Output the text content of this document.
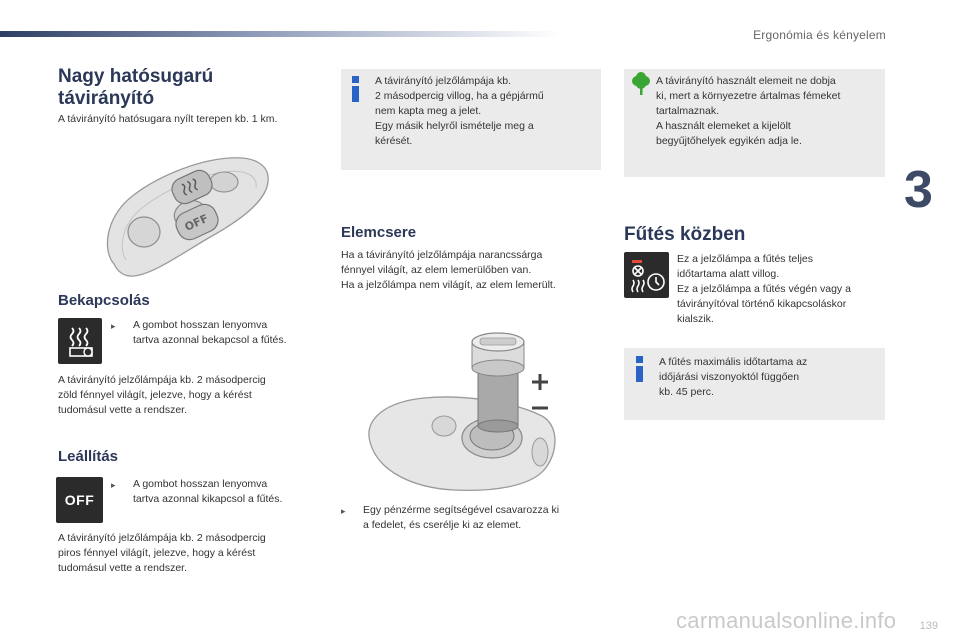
Ergonómia és kényelem
3
Nagy hatósugarú
távirányító
A távirányító hatósugara nyílt terepen kb. 1 km.
OFF
Bekapcsolás
▸ A gombot hosszan lenyomva
tartva azonnal bekapcsol a fűtés.
A távirányító jelzőlámpája kb. 2 másodpercig
zöld fénnyel világít, jelezve, hogy a kérést
tudomásul vette a rendszer.
Leállítás
OFF
▸ A gombot hosszan lenyomva
tartva azonnal kikapcsol a fűtés.
A távirányító jelzőlámpája kb. 2 másodpercig
piros fénnyel világít, jelezve, hogy a kérést
tudomásul vette a rendszer.
A távirányító jelzőlámpája kb.
2 másodpercig villog, ha a gépjármű
nem kapta meg a jelet.
Egy másik helyről ismételje meg a
kérését.
Elemcsere
Ha a távirányító jelzőlámpája narancssárga
fénnyel világít, az elem lemerülőben van.
Ha a jelzőlámpa nem világít, az elem lemerült.
▸ Egy pénzérme segítségével csavarozza ki
a fedelet, és cserélje ki az elemet.
A távirányító használt elemeit ne dobja
ki, mert a környezetre ártalmas fémeket
tartalmaznak.
A használt elemeket a kijelölt
begyűjtőhelyek egyikén adja le.
Fűtés közben
Ez a jelzőlámpa a fűtés teljes
időtartama alatt villog.
Ez a jelzőlámpa a fűtés végén vagy a
távirányítóval történő kikapcsoláskor
kialszik.
A fűtés maximális időtartama az
időjárási viszonyoktól függően
kb. 45 perc.
carmanualsonline.info 139
